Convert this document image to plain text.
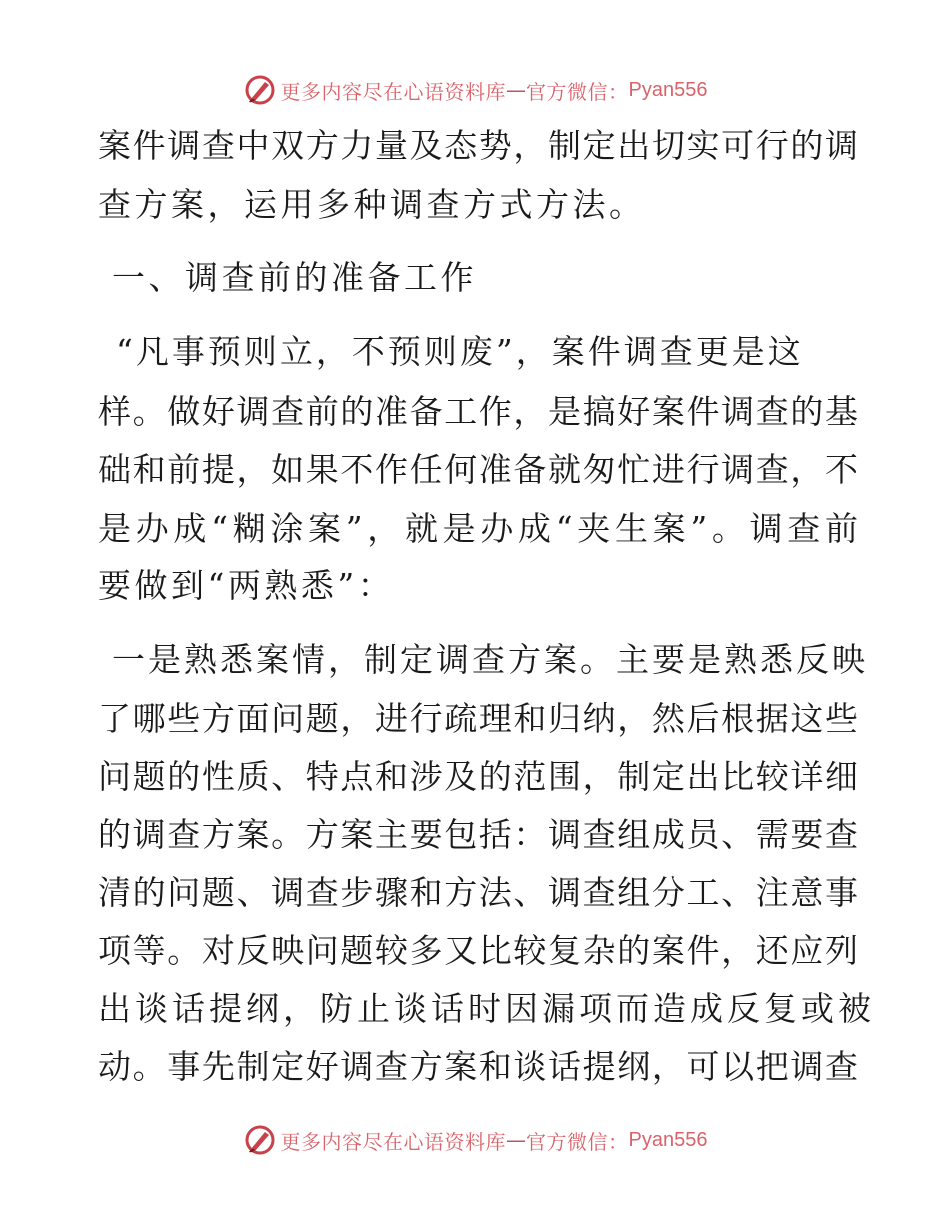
更多内容尽在心语资料库 — 官方微信： Pyan556
案件调查中双方力量及态势，制定出切实可行的调
查方案，运用多种调查方式方法。
一、调查前的准备工作
“凡事预则立，不预则废”，案件调查更是这
样。做好调查前的准备工作，是搞好案件调查的基
础和前提，如果不作任何准备就匆忙进行调查，不
是办成“糊涂案”，就是办成“夹生案”。调查前
要做到“两熟悉”：
一是熟悉案情，制定调查方案。主要是熟悉反映
了哪些方面问题，进行疏理和归纳，然后根据这些
问题的性质、特点和涉及的范围，制定出比较详细
的调查方案。方案主要包括：调查组成员、需要查
清的问题、调查步骤和方法、调查组分工、注意事
项等。对反映问题较多又比较复杂的案件，还应列
出谈话提纲，防止谈话时因漏项而造成反复或被
动。事先制定好调查方案和谈话提纲，可以把调查
更多内容尽在心语资料库 — 官方微信： Pyan556
